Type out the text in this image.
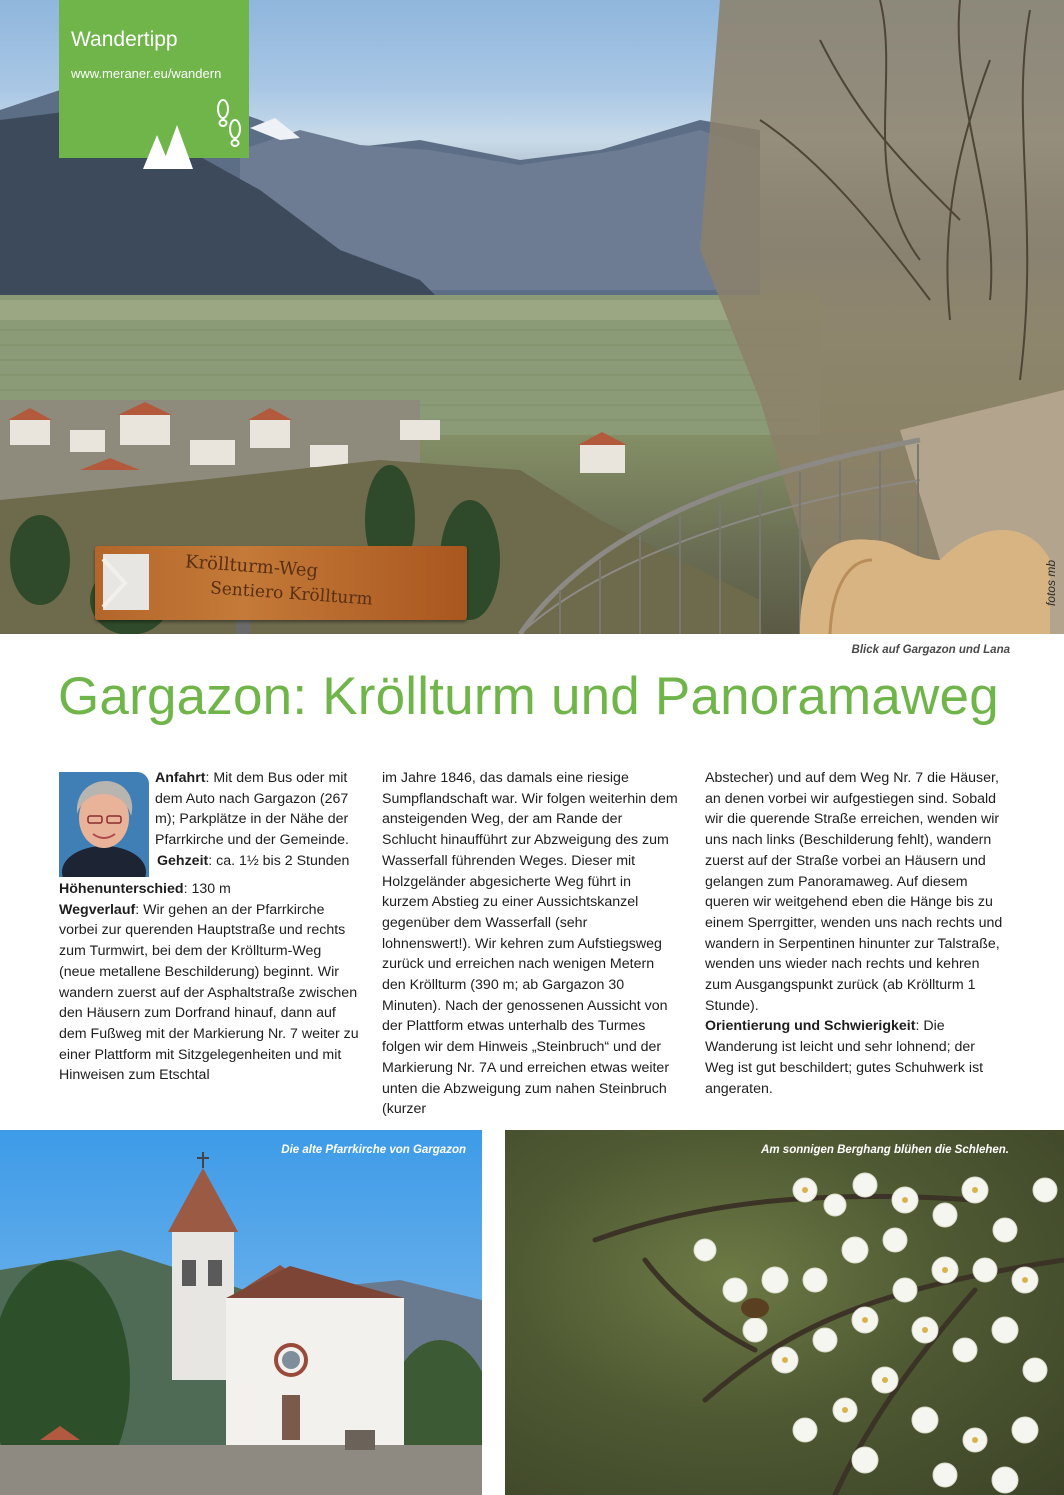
Kröllturm-Weg
Sentiero Kröllturm
Wandertipp
www.meraner.eu/wandern
fotos mb
Blick auf Gargazon und Lana
Gargazon: Kröllturm und Panoramaweg

Anfahrt: Mit dem Bus oder mit dem Auto nach Gargazon (267 m); Parkplätze in der Nähe der Pfarrkirche und der Gemeinde.

Gehzeit: ca. 1½ bis 2 Stunden

Höhenunterschied: 130 m

Wegverlauf: Wir gehen an der Pfarrkirche vorbei zur querenden Hauptstraße und rechts zum Turmwirt, bei dem der Kröllturm-Weg (neue metallene Beschilderung) beginnt. Wir wandern zuerst auf der Asphaltstraße zwischen den Häusern zum Dorfrand hinauf, dann auf dem Fußweg mit der Markierung Nr. 7 weiter zu einer Plattform mit Sitzgelegenheiten und mit Hinweisen zum Etschtal

im Jahre 1846, das damals eine riesige Sumpflandschaft war. Wir folgen weiterhin dem ansteigenden Weg, der am Rande der Schlucht hinaufführt zur Abzweigung des zum Wasserfall führenden Weges. Dieser mit Holzgeländer abgesicherte Weg führt in kurzem Abstieg zu einer Aussichtskanzel gegenüber dem Wasserfall (sehr lohnenswert!). Wir kehren zum Aufstiegsweg zurück und erreichen nach wenigen Metern den Kröllturm (390 m; ab Gargazon 30 Minuten). Nach der genossenen Aussicht von der Plattform etwas unterhalb des Turmes folgen wir dem Hinweis „Steinbruch“ und der Markierung Nr. 7A und erreichen etwas weiter unten die Abzweigung zum nahen Steinbruch (kurzer

Abstecher) und auf dem Weg Nr. 7 die Häuser, an denen vorbei wir aufgestiegen sind. Sobald wir die querende Straße erreichen, wenden wir uns nach links (Beschilderung fehlt), wandern zuerst auf der Straße vorbei an Häusern und gelangen zum Panoramaweg. Auf diesem queren wir weitgehend eben die Hänge bis zu einem Sperrgitter, wenden uns nach rechts und wandern in Serpentinen hinunter zur Talstraße, wenden uns wieder nach rechts und kehren zum Ausgangspunkt zurück (ab Kröllturm 1 Stunde).
Orientierung und Schwierigkeit: Die Wanderung ist leicht und sehr lohnend; der Weg ist gut beschildert; gutes Schuhwerk ist angeraten.

Die alte Pfarrkirche von Gargazon	Am sonnigen Berghang blühen die Schlehen.
